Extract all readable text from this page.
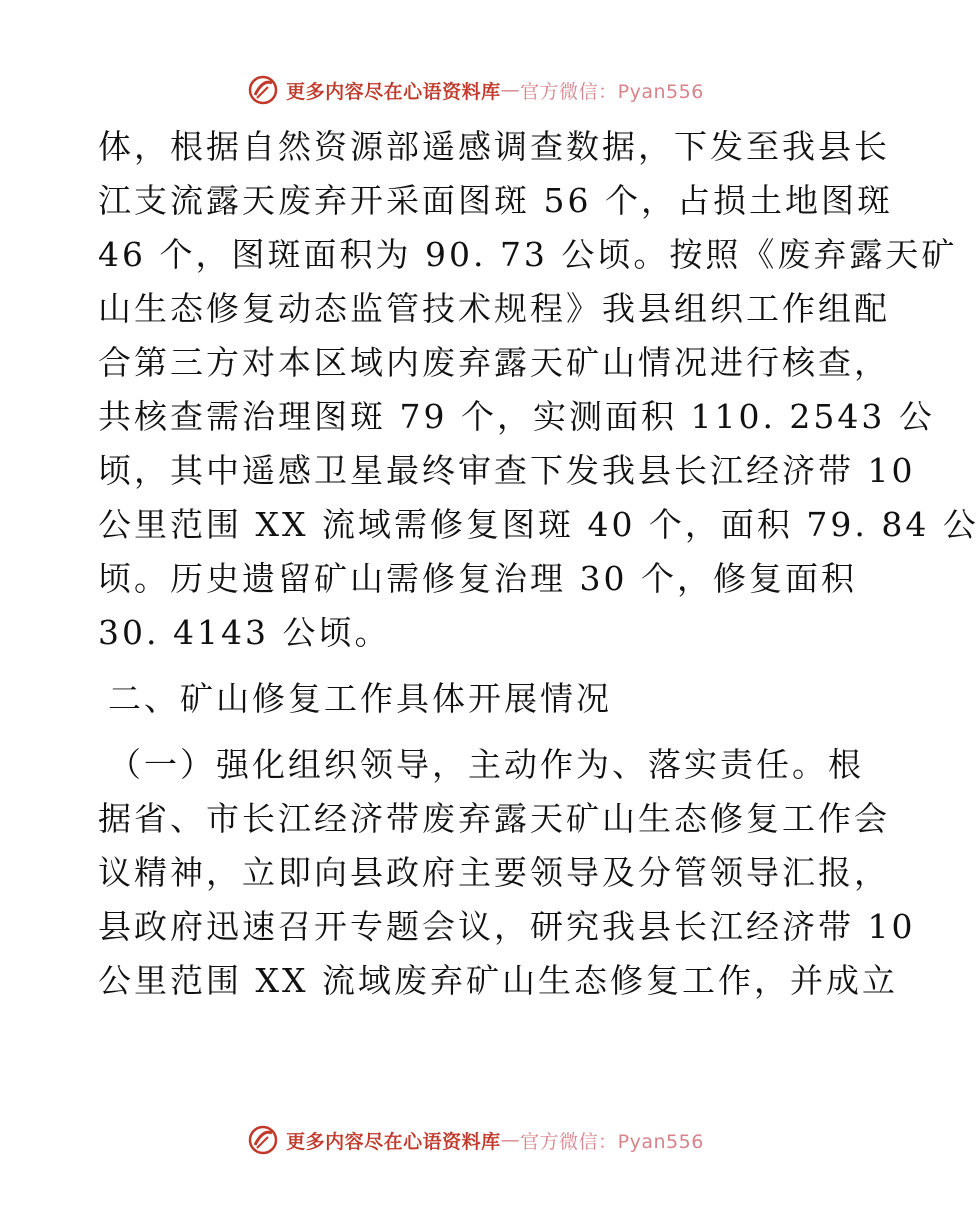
更多内容尽在心语资料库 — 官方微信：Pyan556
体，根据自然资源部遥感调查数据，下发至我县长
江支流露天废弃开采面图斑 56 个，占损土地图斑
46 个，图斑面积为 90. 73 公顷。按照《废弃露天矿
山生态修复动态监管技术规程》我县组织工作组配
合第三方对本区域内废弃露天矿山情况进行核查，
共核查需治理图斑 79 个，实测面积 110. 2543 公
顷，其中遥感卫星最终审查下发我县长江经济带 10
公里范围 XX 流域需修复图斑 40 个，面积 79. 84 公
顷。历史遗留矿山需修复治理 30 个，修复面积
30. 4143 公顷。
二、矿山修复工作具体开展情况
（一）强化组织领导，主动作为、落实责任。根
据省、市长江经济带废弃露天矿山生态修复工作会
议精神，立即向县政府主要领导及分管领导汇报，
县政府迅速召开专题会议，研究我县长江经济带 10
公里范围 XX 流域废弃矿山生态修复工作，并成立
更多内容尽在心语资料库 — 官方微信：Pyan556
